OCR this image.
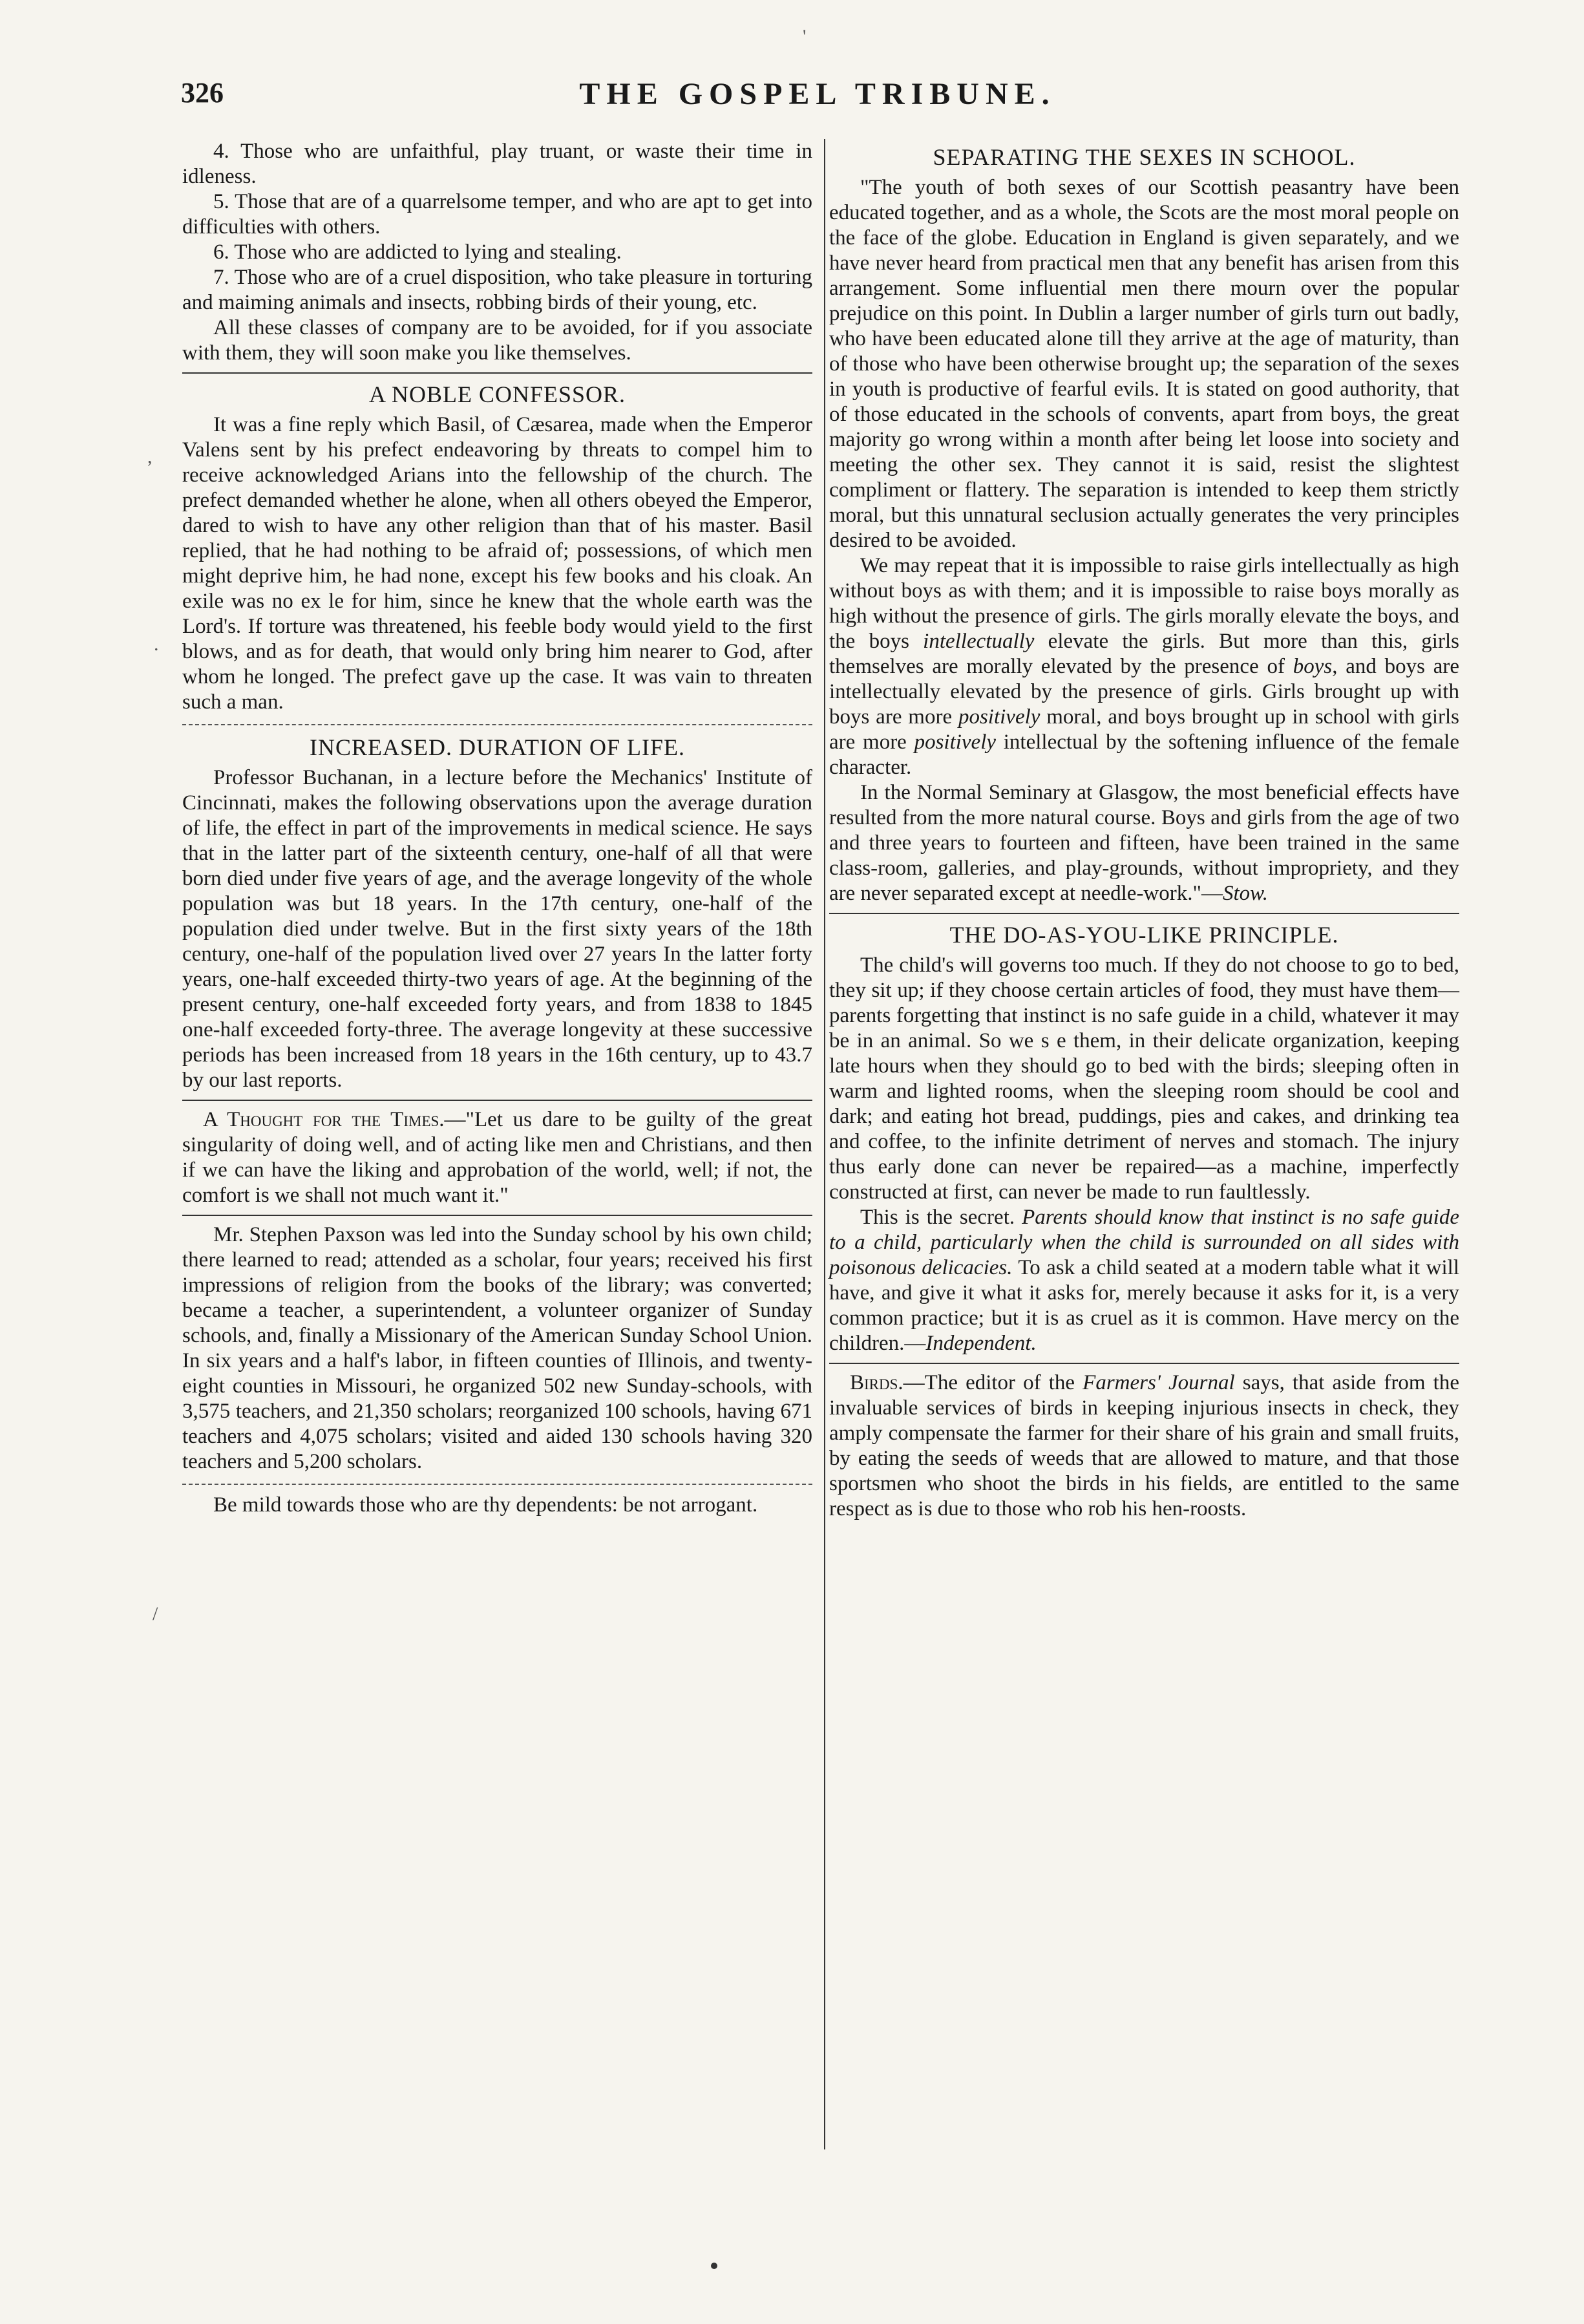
326	THE GOSPEL TRIBUNE.

4. Those who are unfaithful, play truant, or waste their time in idleness.

5. Those that are of a quarrelsome temper, and who are apt to get into difficulties with others.

6. Those who are addicted to lying and stealing.

7. Those who are of a cruel disposition, who take pleasure in torturing and maiming animals and insects, robbing birds of their young, etc.

All these classes of company are to be avoided, for if you associate with them, they will soon make you like themselves.

A NOBLE CONFESSOR.

It was a fine reply which Basil, of Cæsarea, made when the Emperor Valens sent by his prefect endeavoring by threats to compel him to receive acknowledged Arians into the fellowship of the church. The prefect demanded whether he alone, when all others obeyed the Emperor, dared to wish to have any other religion than that of his master. Basil replied, that he had nothing to be afraid of; possessions, of which men might deprive him, he had none, except his few books and his cloak. An exile was no ex le for him, since he knew that the whole earth was the Lord's. If torture was threatened, his feeble body would yield to the first blows, and as for death, that would only bring him nearer to God, after whom he longed. The prefect gave up the case. It was vain to threaten such a man.

INCREASED. DURATION OF LIFE.

Professor Buchanan, in a lecture before the Mechanics' Institute of Cincinnati, makes the following observations upon the average duration of life, the effect in part of the improvements in medical science. He says that in the latter part of the sixteenth century, one-half of all that were born died under five years of age, and the average longevity of the whole population was but 18 years. In the 17th century, one-half of the population died under twelve. But in the first sixty years of the 18th century, one-half of the population lived over 27 years In the latter forty years, one-half exceeded thirty-two years of age. At the beginning of the present century, one-half exceeded forty years, and from 1838 to 1845 one-half exceeded forty-three. The average longevity at these successive periods has been increased from 18 years in the 16th century, up to 43.7 by our last reports.

A Thought for the Times.—"Let us dare to be guilty of the great singularity of doing well, and of acting like men and Christians, and then if we can have the liking and approbation of the world, well; if not, the comfort is we shall not much want it."

Mr. Stephen Paxson was led into the Sunday school by his own child; there learned to read; attended as a scholar, four years; received his first impressions of religion from the books of the library; was converted; became a teacher, a superintendent, a volunteer organizer of Sunday schools, and, finally a Missionary of the American Sunday School Union. In six years and a half's labor, in fifteen counties of Illinois, and twenty-eight counties in Missouri, he organized 502 new Sunday-schools, with 3,575 teachers, and 21,350 scholars; reorganized 100 schools, having 671 teachers and 4,075 scholars; visited and aided 130 schools having 320 teachers and 5,200 scholars.

Be mild towards those who are thy dependents: be not arrogant.

SEPARATING THE SEXES IN SCHOOL.

"The youth of both sexes of our Scottish peasantry have been educated together, and as a whole, the Scots are the most moral people on the face of the globe. Education in England is given separately, and we have never heard from practical men that any benefit has arisen from this arrangement. Some influential men there mourn over the popular prejudice on this point. In Dublin a larger number of girls turn out badly, who have been educated alone till they arrive at the age of maturity, than of those who have been otherwise brought up; the separation of the sexes in youth is productive of fearful evils. It is stated on good authority, that of those educated in the schools of convents, apart from boys, the great majority go wrong within a month after being let loose into society and meeting the other sex. They cannot it is said, resist the slightest compliment or flattery. The separation is intended to keep them strictly moral, but this unnatural seclusion actually generates the very principles desired to be avoided.

We may repeat that it is impossible to raise girls intellectually as high without boys as with them; and it is impossible to raise boys morally as high without the presence of girls. The girls morally elevate the boys, and the boys intellectually elevate the girls. But more than this, girls themselves are morally elevated by the presence of boys, and boys are intellectually elevated by the presence of girls. Girls brought up with boys are more positively moral, and boys brought up in school with girls are more positively intellectual by the softening influence of the female character.

In the Normal Seminary at Glasgow, the most beneficial effects have resulted from the more natural course. Boys and girls from the age of two and three years to fourteen and fifteen, have been trained in the same class-room, galleries, and play-grounds, without impropriety, and they are never separated except at needle-work."—Stow.

THE DO-AS-YOU-LIKE PRINCIPLE.

The child's will governs too much. If they do not choose to go to bed, they sit up; if they choose certain articles of food, they must have them—parents forgetting that instinct is no safe guide in a child, whatever it may be in an animal. So we s e them, in their delicate organization, keeping late hours when they should go to bed with the birds; sleeping often in warm and lighted rooms, when the sleeping room should be cool and dark; and eating hot bread, puddings, pies and cakes, and drinking tea and coffee, to the infinite detriment of nerves and stomach. The injury thus early done can never be repaired—as a machine, imperfectly constructed at first, can never be made to run faultlessly.

This is the secret. Parents should know that instinct is no safe guide to a child, particularly when the child is surrounded on all sides with poisonous delicacies. To ask a child seated at a modern table what it will have, and give it what it asks for, merely because it asks for it, is a very common practice; but it is as cruel as it is common. Have mercy on the children.—Independent.

Birds.—The editor of the Farmers' Journal says, that aside from the invaluable services of birds in keeping injurious insects in check, they amply compensate the farmer for their share of his grain and small fruits, by eating the seeds of weeds that are allowed to mature, and that those sportsmen who shoot the birds in his fields, are entitled to the same respect as is due to those who rob his hen-roosts.

'
,
.
/
